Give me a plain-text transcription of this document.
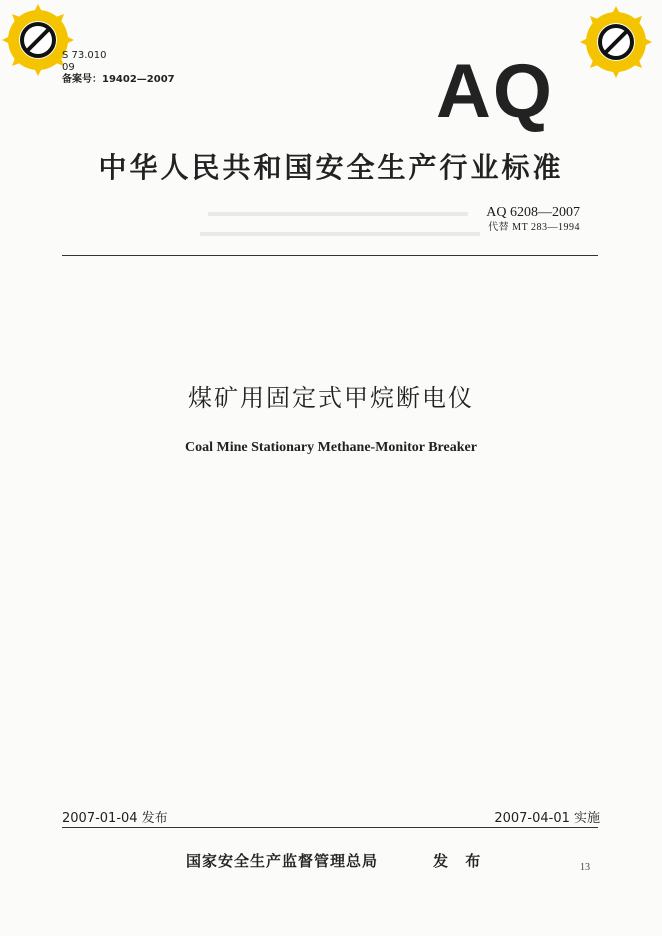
S 73.010
09
备案号：19402—2007	AQ
中华人民共和国安全生产行业标准
AQ 6208—2007
代替 MT 283—1994
煤矿用固定式甲烷断电仪
Coal Mine Stationary Methane-Monitor Breaker
2007-01-04 发布	2007-04-01 实施
国家安全生产监督管理总局	发 布	13
